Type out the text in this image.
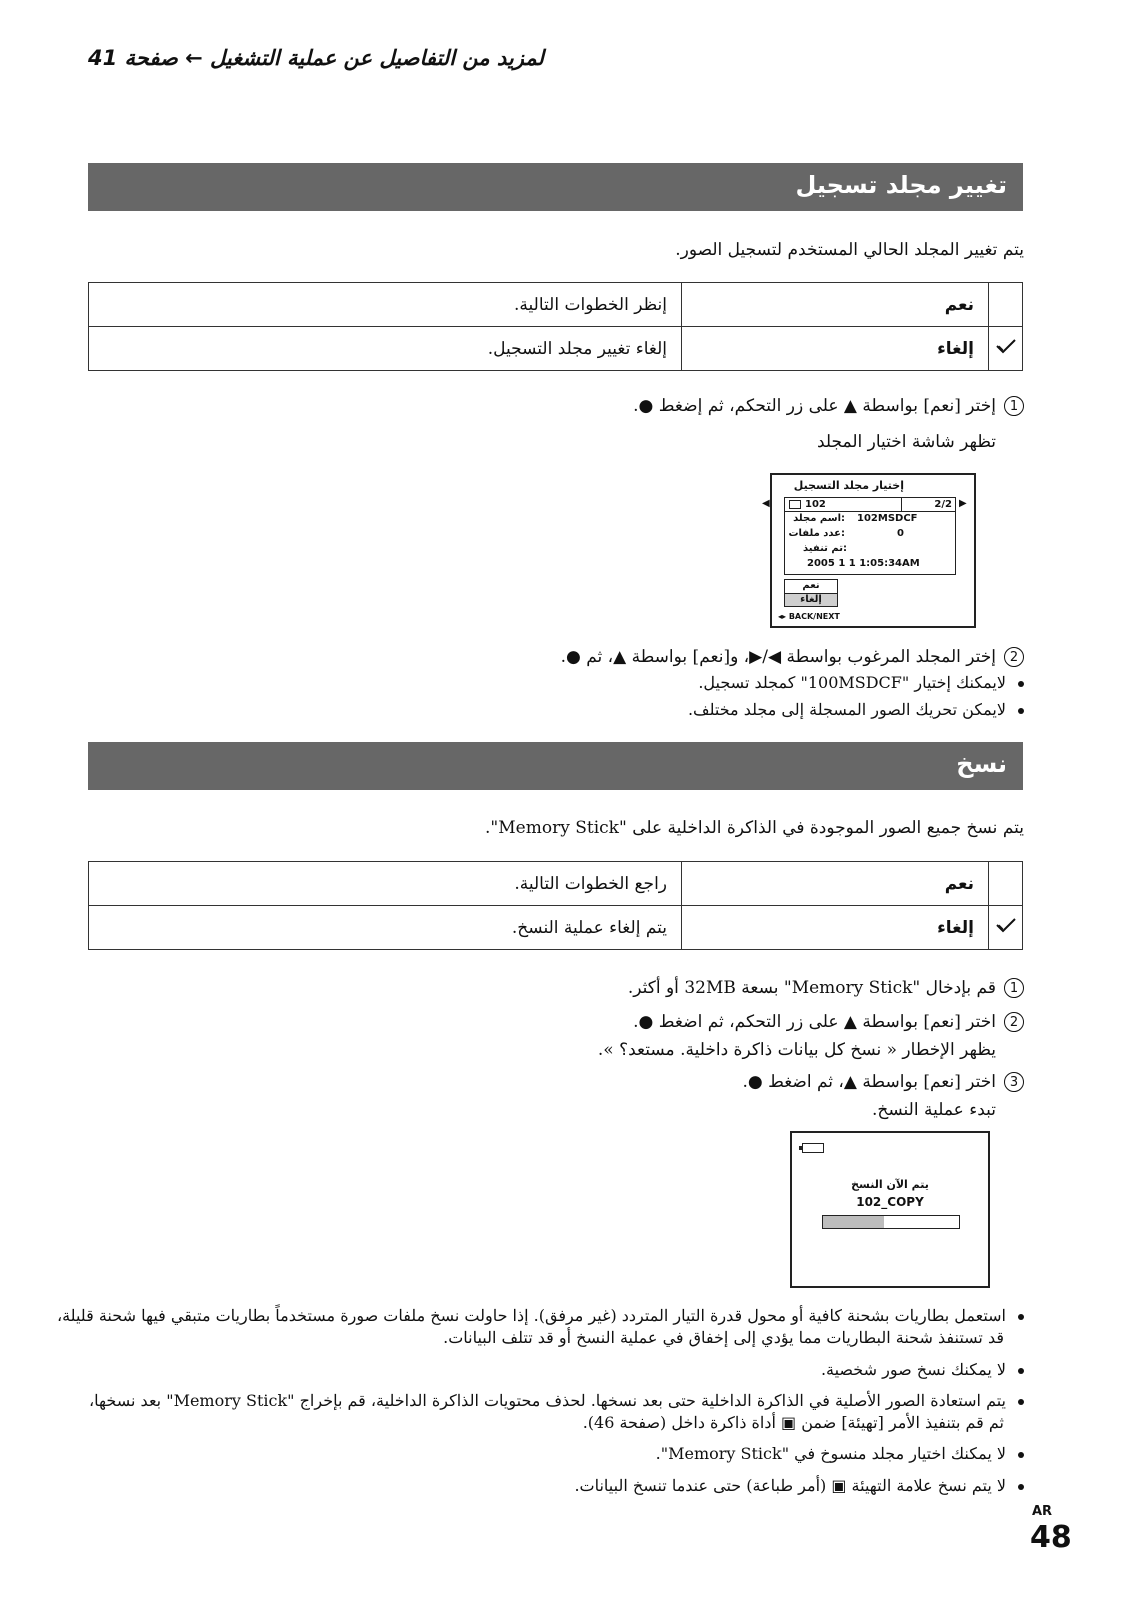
لمزيد من التفاصيل عن عملية التشغيل ← صفحة 41
تغيير مجلد تسجيل
يتم تغيير المجلد الحالي المستخدم لتسجيل الصور.
	نعم	إنظر الخطوات التالية.
	إلغاء	إلغاء تغيير مجلد التسجيل.
1
إختر [نعم] بواسطة ▲ على زر التحكم، ثم إضغط ●.
تظهر شاشة اختيار المجلد
إختيار مجلد التسجيل
◀	▶
102	2/2
اسم مجلد: 102MSDCF
عدد ملفات:	0
تم تنفيذ:
2005 1 1 1:05:34AM
نعم
إلغاء
◂▸ BACK/NEXT
2
إختر المجلد المرغوب بواسطة ◀/▶، و[نعم] بواسطة ▲، ثم ●.
لايمكنك إختيار "100MSDCF" كمجلد تسجيل.
لايمكن تحريك الصور المسجلة إلى مجلد مختلف.
نسخ
يتم نسخ جميع الصور الموجودة في الذاكرة الداخلية على "Memory Stick".
	نعم	راجع الخطوات التالية.
	إلغاء	يتم إلغاء عملية النسخ.
1
قم بإدخال "Memory Stick" بسعة 32MB أو أكثر.
2
اختر [نعم] بواسطة ▲ على زر التحكم، ثم اضغط ●.
يظهر الإخطار « نسخ كل بيانات ذاكرة داخلية. مستعد؟ ».
3
اختر [نعم] بواسطة ▲، ثم اضغط ●.
تبدء عملية النسخ.
يتم الآن النسخ
102_COPY
استعمل بطاريات بشحنة كافية أو محول قدرة التيار المتردد (غير مرفق). إذا حاولت نسخ ملفات صورة مستخدماً بطاريات متبقي فيها شحنة قليلة،
قد تستنفذ شحنة البطاريات مما يؤدي إلى إخفاق في عملية النسخ أو قد تتلف البيانات.
لا يمكنك نسخ صور شخصية.
يتم استعادة الصور الأصلية في الذاكرة الداخلية حتى بعد نسخها. لحذف محتويات الذاكرة الداخلية، قم بإخراج "Memory Stick" بعد نسخها،
ثم قم بتنفيذ الأمر [تهيئة] ضمن ▣ أداة ذاكرة داخل (صفحة 46).
لا يمكنك اختيار مجلد منسوخ في "Memory Stick".
لا يتم نسخ علامة التهيئة ▣ (أمر طباعة) حتى عندما تنسخ البيانات.
AR
48
